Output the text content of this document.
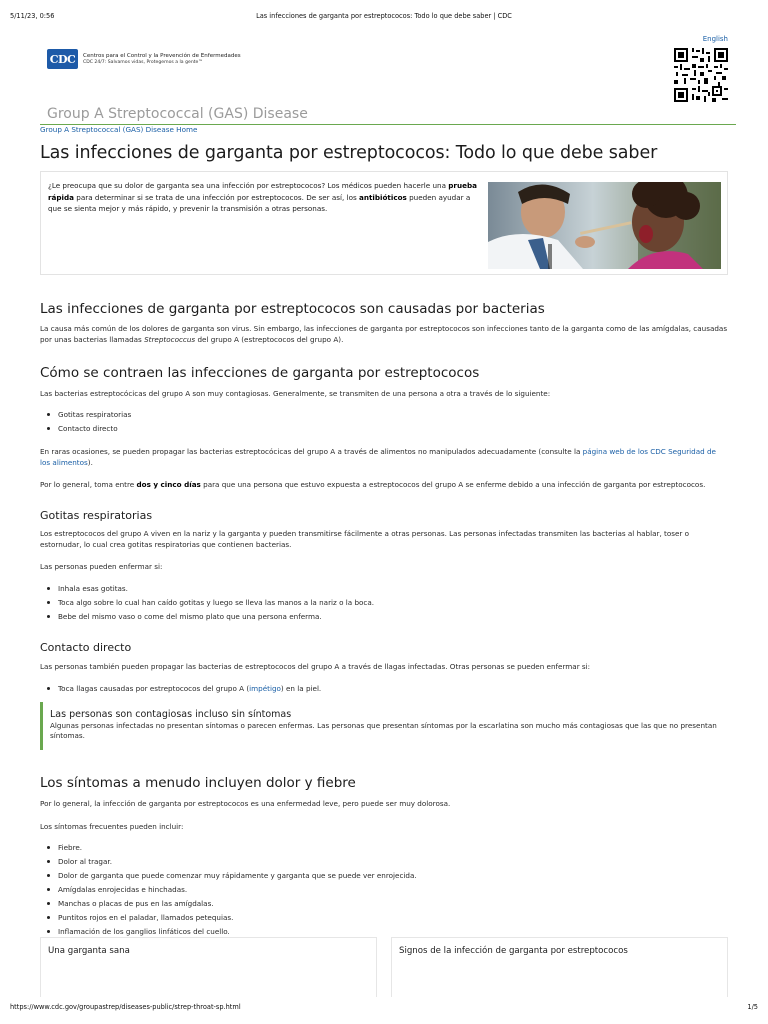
5/11/23, 0:56	Las infecciones de garganta por estreptococos: Todo lo que debe saber | CDC
English
CDC	Centros para el Control y la Prevención de Enfermedades
CDC 24/7: Salvamos vidas, Protegemos a la gente™
Group A Streptococcal (GAS) Disease
Group A Streptococcal (GAS) Disease Home
Las infecciones de garganta por estreptococos: Todo lo que debe saber

¿Le preocupa que su dolor de garganta sea una infección por estreptococos? Los médicos pueden hacerle una prueba rápida para determinar si se trata de una infección por estreptococos. De ser así, los antibióticos pueden ayudar a que se sienta mejor y más rápido, y prevenir la transmisión a otras personas.

Las infecciones de garganta por estreptococos son causadas por bacterias

La causa más común de los dolores de garganta son virus. Sin embargo, las infecciones de garganta por estreptococos son infecciones tanto de la garganta como de las amígdalas, causadas por unas bacterias llamadas Streptococcus del grupo A (estreptococos del grupo A).

Cómo se contraen las infecciones de garganta por estreptococos

Las bacterias estreptocócicas del grupo A son muy contagiosas. Generalmente, se transmiten de una persona a otra a través de lo siguiente:

Gotitas respiratorias
Contacto directo

En raras ocasiones, se pueden propagar las bacterias estreptocócicas del grupo A a través de alimentos no manipulados adecuadamente (consulte la página web de los CDC Seguridad de los alimentos).

Por lo general, toma entre dos y cinco días para que una persona que estuvo expuesta a estreptococos del grupo A se enferme debido a una infección de garganta por estreptococos.

Gotitas respiratorias

Los estreptococos del grupo A viven en la nariz y la garganta y pueden transmitirse fácilmente a otras personas. Las personas infectadas transmiten las bacterias al hablar, toser o estornudar, lo cual crea gotitas respiratorias que contienen bacterias.

Las personas pueden enfermar si:

Inhala esas gotitas.
Toca algo sobre lo cual han caído gotitas y luego se lleva las manos a la nariz o la boca.
Bebe del mismo vaso o come del mismo plato que una persona enferma.
Contacto directo

Las personas también pueden propagar las bacterias de estreptococos del grupo A a través de llagas infectadas. Otras personas se pueden enfermar si:

Toca llagas causadas por estreptococos del grupo A (impétigo) en la piel.
Las personas son contagiosas incluso sin síntomas
Algunas personas infectadas no presentan síntomas o parecen enfermas. Las personas que presentan síntomas por la escarlatina son mucho más contagiosas que las que no presentan síntomas.
Los síntomas a menudo incluyen dolor y fiebre

Por lo general, la infección de garganta por estreptococos es una enfermedad leve, pero puede ser muy dolorosa.

Los síntomas frecuentes pueden incluir:

Fiebre.
Dolor al tragar.
Dolor de garganta que puede comenzar muy rápidamente y garganta que se puede ver enrojecida.
Amígdalas enrojecidas e hinchadas.
Manchas o placas de pus en las amígdalas.
Puntitos rojos en el paladar, llamados petequias.
Inflamación de los ganglios linfáticos del cuello.
Una garganta sana	Signos de la infección de garganta por estreptococos
https://www.cdc.gov/groupastrep/diseases-public/strep-throat-sp.html	1/5
